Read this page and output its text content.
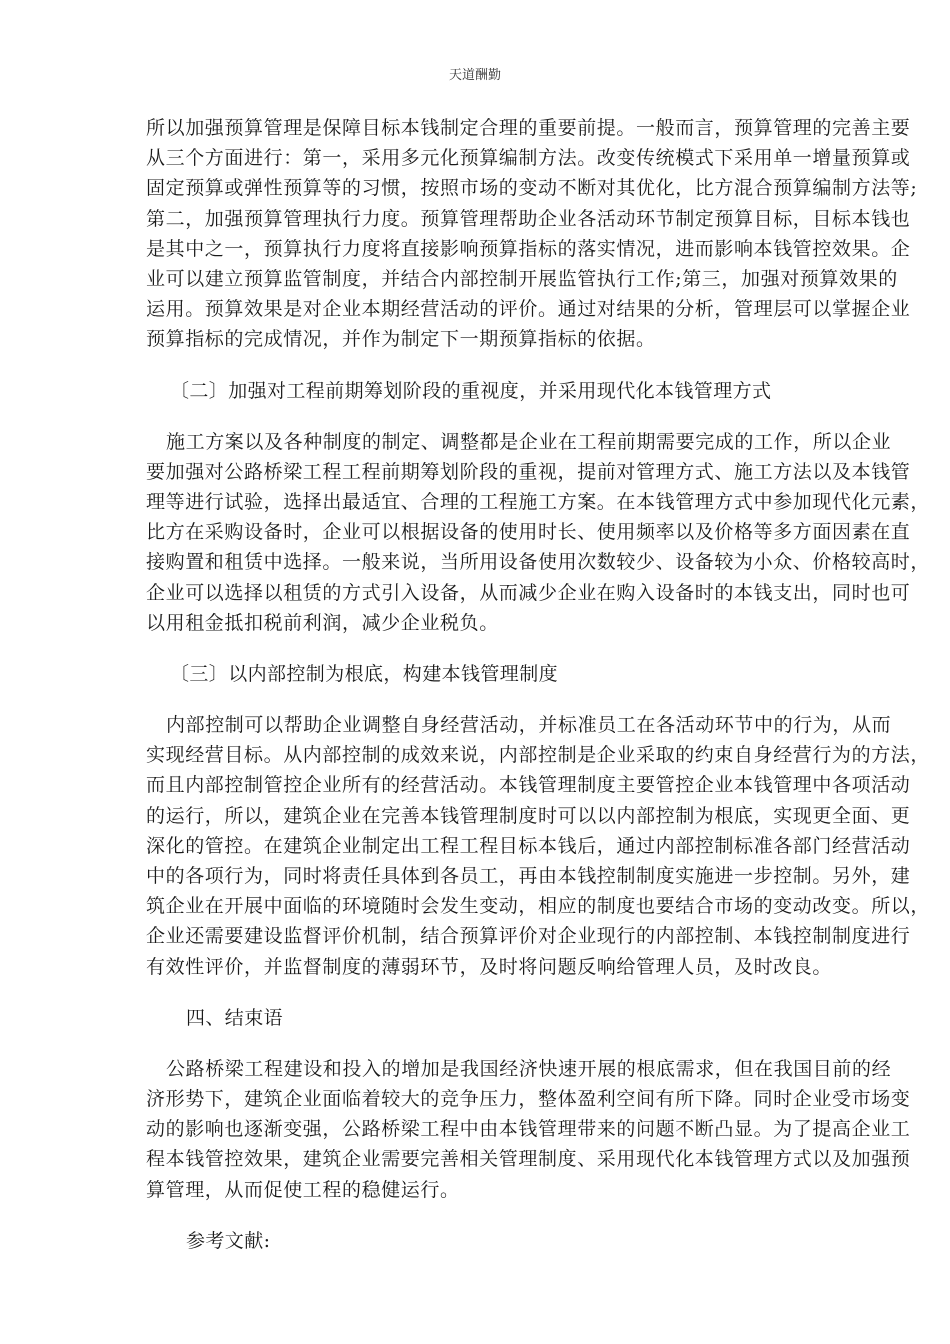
天道酬勤

所以加强预算管理是保障目标本钱制定合理的重要前提。一般而言，预算管理的完善主要
从三个方面进行：第一，采用多元化预算编制方法。改变传统模式下采用单一增量预算或
固定预算或弹性预算等的习惯，按照市场的变动不断对其优化，比方混合预算编制方法等;
第二，加强预算管理执行力度。预算管理帮助企业各活动环节制定预算目标，目标本钱也
是其中之一，预算执行力度将直接影响预算指标的落实情况，进而影响本钱管控效果。企
业可以建立预算监管制度，并结合内部控制开展监管执行工作;第三，加强对预算效果的
运用。预算效果是对企业本期经营活动的评价。通过对结果的分析，管理层可以掌握企业
预算指标的完成情况，并作为制定下一期预算指标的依据。

〔二〕加强对工程前期筹划阶段的重视度，并采用现代化本钱管理方式

施工方案以及各种制度的制定、调整都是企业在工程前期需要完成的工作，所以企业
要加强对公路桥梁工程工程前期筹划阶段的重视，提前对管理方式、施工方法以及本钱管
理等进行试验，选择出最适宜、合理的工程施工方案。在本钱管理方式中参加现代化元素，
比方在采购设备时，企业可以根据设备的使用时长、使用频率以及价格等多方面因素在直
接购置和租赁中选择。一般来说，当所用设备使用次数较少、设备较为小众、价格较高时，
企业可以选择以租赁的方式引入设备，从而减少企业在购入设备时的本钱支出，同时也可
以用租金抵扣税前利润，减少企业税负。

〔三〕以内部控制为根底，构建本钱管理制度

内部控制可以帮助企业调整自身经营活动，并标准员工在各活动环节中的行为，从而
实现经营目标。从内部控制的成效来说，内部控制是企业采取的约束自身经营行为的方法，
而且内部控制管控企业所有的经营活动。本钱管理制度主要管控企业本钱管理中各项活动
的运行，所以，建筑企业在完善本钱管理制度时可以以内部控制为根底，实现更全面、更
深化的管控。在建筑企业制定出工程工程目标本钱后，通过内部控制标准各部门经营活动
中的各项行为，同时将责任具体到各员工，再由本钱控制制度实施进一步控制。另外，建
筑企业在开展中面临的环境随时会发生变动，相应的制度也要结合市场的变动改变。所以，
企业还需要建设监督评价机制，结合预算评价对企业现行的内部控制、本钱控制制度进行
有效性评价，并监督制度的薄弱环节，及时将问题反响给管理人员，及时改良。

四、结束语

公路桥梁工程建设和投入的增加是我国经济快速开展的根底需求，但在我国目前的经
济形势下，建筑企业面临着较大的竞争压力，整体盈利空间有所下降。同时企业受市场变
动的影响也逐渐变强，公路桥梁工程中由本钱管理带来的问题不断凸显。为了提高企业工
程本钱管控效果，建筑企业需要完善相关管理制度、采用现代化本钱管理方式以及加强预
算管理，从而促使工程的稳健运行。

参考文献:
